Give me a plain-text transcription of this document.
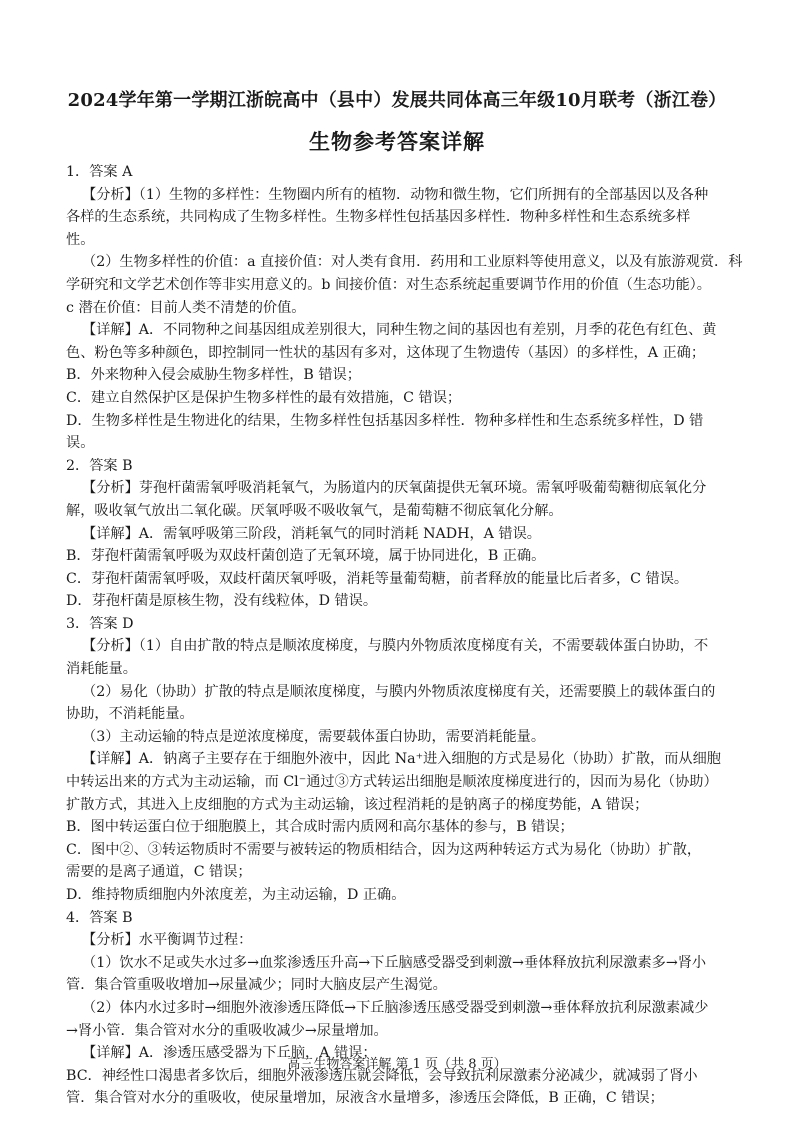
2024学年第一学期江浙皖高中（县中）发展共同体高三年级10月联考（浙江卷）
生物参考答案详解
1．答案 A
【分析】（1）生物的多样性：生物圈内所有的植物．动物和微生物，它们所拥有的全部基因以及各种
各样的生态系统，共同构成了生物多样性。生物多样性包括基因多样性．物种多样性和生态系统多样
性。
（2）生物多样性的价值：a 直接价值：对人类有食用．药用和工业原料等使用意义，以及有旅游观赏．科
学研究和文学艺术创作等非实用意义的。b 间接价值：对生态系统起重要调节作用的价值（生态功能）。
c 潜在价值：目前人类不清楚的价值。
【详解】A．不同物种之间基因组成差别很大，同种生物之间的基因也有差别，月季的花色有红色、黄
色、粉色等多种颜色，即控制同一性状的基因有多对，这体现了生物遗传（基因）的多样性，A 正确；
B．外来物种入侵会威胁生物多样性，B 错误；
C．建立自然保护区是保护生物多样性的最有效措施，C 错误；
D．生物多样性是生物进化的结果，生物多样性包括基因多样性．物种多样性和生态系统多样性，D 错
误。
2．答案 B
【分析】芽孢杆菌需氧呼吸消耗氧气，为肠道内的厌氧菌提供无氧环境。需氧呼吸葡萄糖彻底氧化分
解，吸收氧气放出二氧化碳。厌氧呼吸不吸收氧气，是葡萄糖不彻底氧化分解。
【详解】A．需氧呼吸第三阶段，消耗氧气的同时消耗 NADH，A 错误。
B．芽孢杆菌需氧呼吸为双歧杆菌创造了无氧环境，属于协同进化，B 正确。
C．芽孢杆菌需氧呼吸，双歧杆菌厌氧呼吸，消耗等量葡萄糖，前者释放的能量比后者多，C 错误。
D．芽孢杆菌是原核生物，没有线粒体，D 错误。
3．答案 D
【分析】（1）自由扩散的特点是顺浓度梯度，与膜内外物质浓度梯度有关，不需要载体蛋白协助，不
消耗能量。
（2）易化（协助）扩散的特点是顺浓度梯度，与膜内外物质浓度梯度有关，还需要膜上的载体蛋白的
协助，不消耗能量。
（3）主动运输的特点是逆浓度梯度，需要载体蛋白协助，需要消耗能量。
【详解】A．钠离子主要存在于细胞外液中，因此 Na⁺进入细胞的方式是易化（协助）扩散，而从细胞
中转运出来的方式为主动运输，而 Cl⁻通过③方式转运出细胞是顺浓度梯度进行的，因而为易化（协助）
扩散方式，其进入上皮细胞的方式为主动运输，该过程消耗的是钠离子的梯度势能，A 错误；
B．图中转运蛋白位于细胞膜上，其合成时需内质网和高尔基体的参与，B 错误；
C．图中②、③转运物质时不需要与被转运的物质相结合，因为这两种转运方式为易化（协助）扩散，
需要的是离子通道，C 错误；
D．维持物质细胞内外浓度差，为主动运输，D 正确。
4．答案 B
【分析】水平衡调节过程：
（1）饮水不足或失水过多→血浆渗透压升高→下丘脑感受器受到刺激→垂体释放抗利尿激素多→肾小
管．集合管重吸收增加→尿量减少；同时大脑皮层产生渴觉。
（2）体内水过多时→细胞外液渗透压降低→下丘脑渗透压感受器受到刺激→垂体释放抗利尿激素减少
→肾小管．集合管对水分的重吸收减少→尿量增加。
【详解】A．渗透压感受器为下丘脑，A 错误；
BC．神经性口渴患者多饮后，细胞外液渗透压就会降低，会导致抗利尿激素分泌减少，就减弱了肾小
管．集合管对水分的重吸收，使尿量增加，尿液含水量增多，渗透压会降低，B 正确，C 错误；
高三生物答案详解 第 1 页（共 8 页）
